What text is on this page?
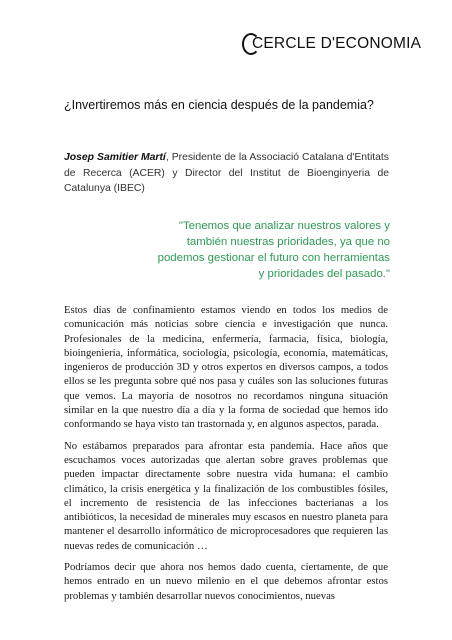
CERCLE D'ECONOMIA
¿Invertiremos más en ciencia después de la pandemia?
Josep Samitier Martí, Presidente de la Associació Catalana d'Entitats de Recerca (ACER) y Director del Institut de Bioenginyeria de Catalunya (IBEC)
"Tenemos que analizar nuestros valores y también nuestras prioridades, ya que no podemos gestionar el futuro con herramientas y prioridades del pasado."

Estos días de confinamiento estamos viendo en todos los medios de comunicación más noticias sobre ciencia e investigación que nunca. Profesionales de la medicina, enfermería, farmacia, física, biología, bioingeniería, informática, sociología, psicología, economía, matemáticas, ingenieros de producción 3D y otros expertos en diversos campos, a todos ellos se les pregunta sobre qué nos pasa y cuáles son las soluciones futuras que vemos. La mayoría de nosotros no recordamos ninguna situación similar en la que nuestro día a día y la forma de sociedad que hemos ido conformando se haya visto tan trastornada y, en algunos aspectos, parada.

No estábamos preparados para afrontar esta pandemia. Hace años que escuchamos voces autorizadas que alertan sobre graves problemas que pueden impactar directamente sobre nuestra vida humana: el cambio climático, la crisis energética y la finalización de los combustibles fósiles, el incremento de resistencia de las infecciones bacterianas a los antibióticos, la necesidad de minerales muy escasos en nuestro planeta para mantener el desarrollo informático de microprocesadores que requieren las nuevas redes de comunicación …

Podríamos decir que ahora nos hemos dado cuenta, ciertamente, de que hemos entrado en un nuevo milenio en el que debemos afrontar estos problemas y también desarrollar nuevos conocimientos, nuevas
